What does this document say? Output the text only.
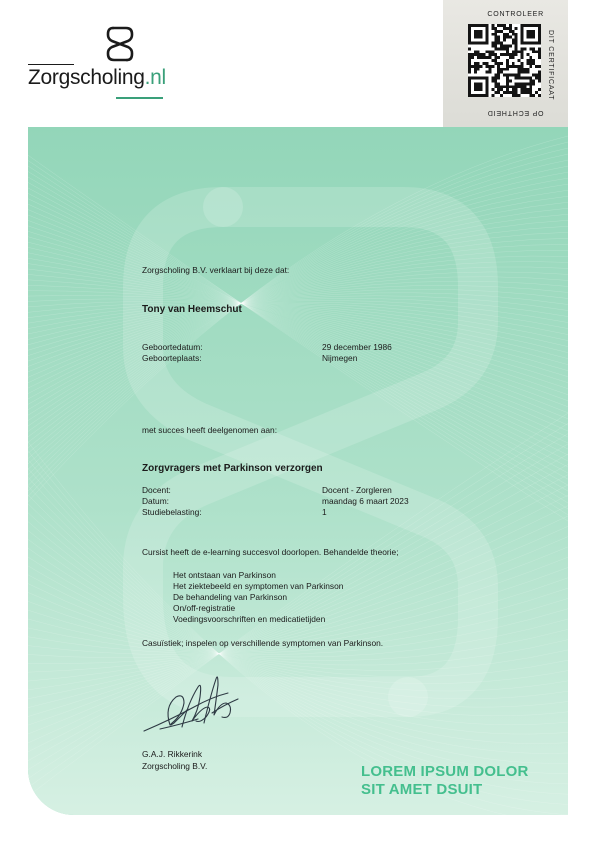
Zorgscholing.nl
CONTROLEER
DIT CERTIFICAAT
OP ECHTHEID
Zorgscholing B.V. verklaart bij deze dat:
Tony van Heemschut
Geboortedatum:	29 december 1986
Geboorteplaats:	Nijmegen
met succes heeft deelgenomen aan:
Zorgvragers met Parkinson verzorgen
Docent:	Docent - Zorgleren
Datum:	maandag 6 maart 2023
Studiebelasting:	1
Cursist heeft de e-learning succesvol doorlopen. Behandelde theorie;
Het ontstaan van Parkinson
Het ziektebeeld en symptomen van Parkinson
De behandeling van Parkinson
On/off-registratie
Voedingsvoorschriften en medicatietijden
Casuïstiek; inspelen op verschillende symptomen van Parkinson.
G.A.J. Rikkerink
Zorgscholing B.V.	LOREM IPSUM DOLOR
SIT AMET DSUIT
